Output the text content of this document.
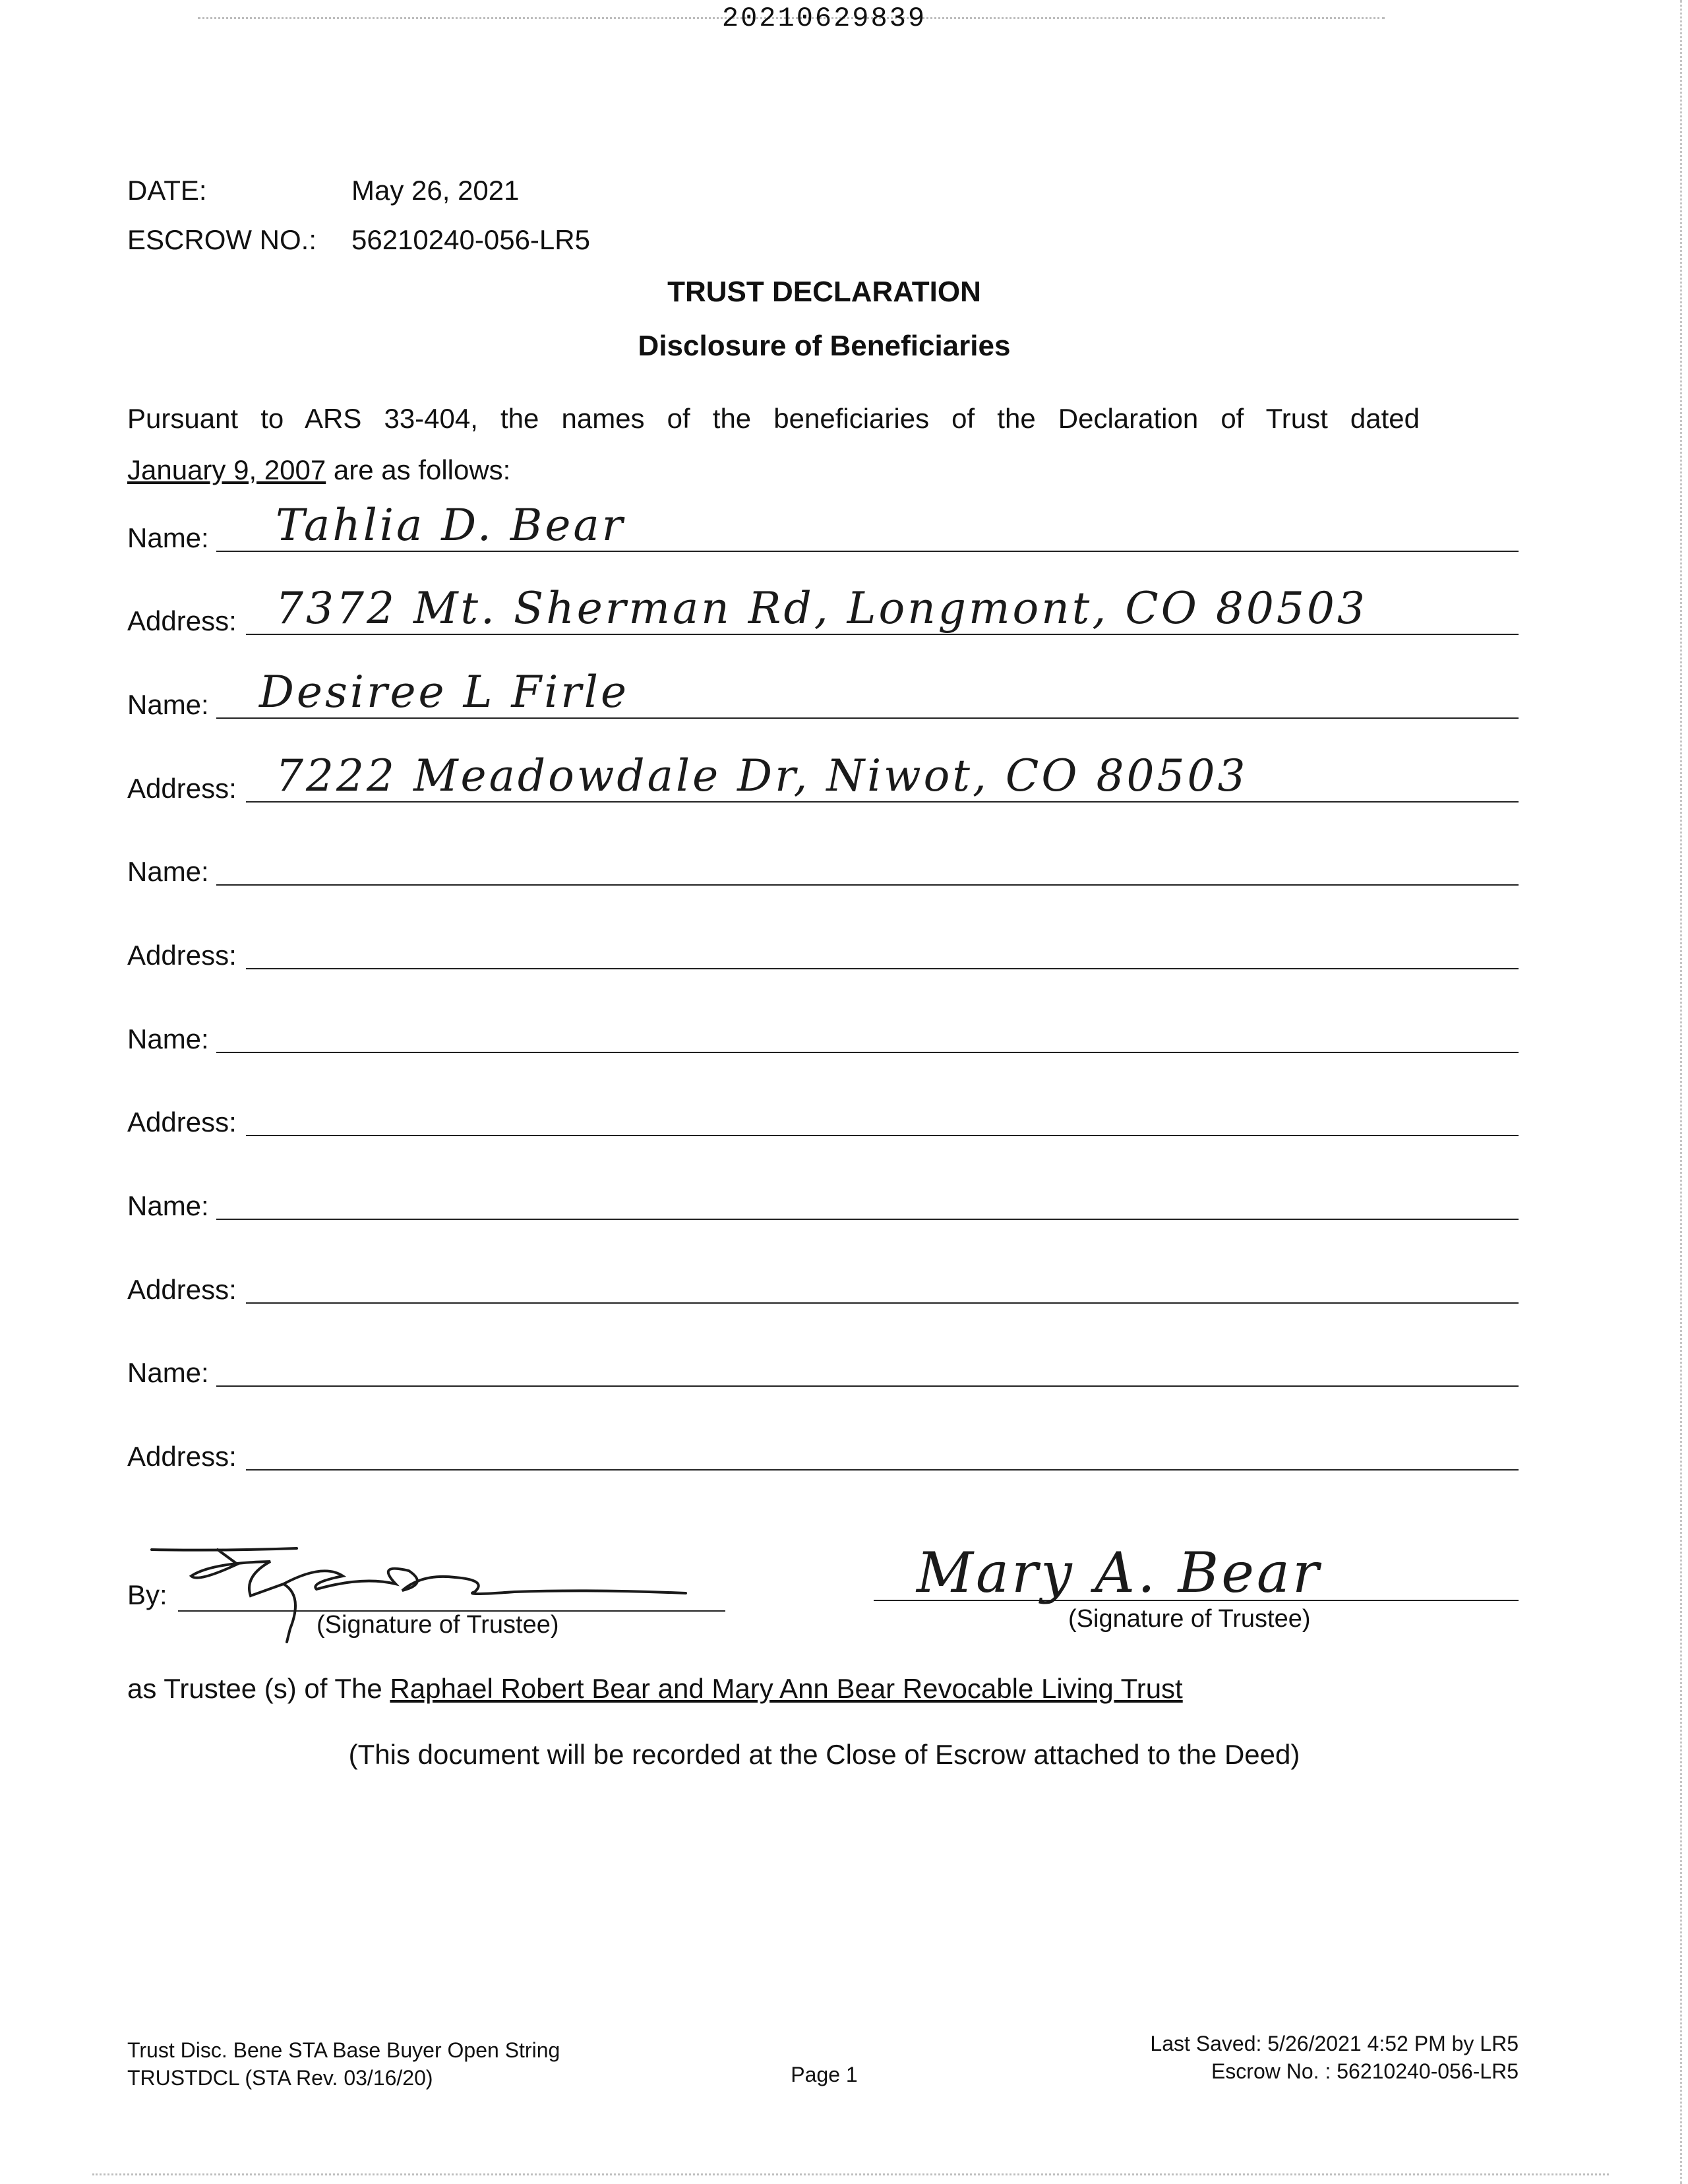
20210629839
DATE:	May 26, 2021
ESCROW NO.: 56210240-056-LR5
TRUST DECLARATION
Disclosure of Beneficiaries
Pursuant to ARS 33-404, the names of the beneficiaries of the Declaration of Trust dated
January 9, 2007 are as follows:
Name: Tahlia D. Bear
Address: 7372 Mt. Sherman Rd, Longmont, CO 80503
Name: Desiree L Firle
Address: 7222 Meadowdale Dr, Niwot, CO 80503
Name:
Address:
Name:
Address:
Name:
Address:
Name:
Address:
By:
(Signature of Trustee)
Mary A. Bear
(Signature of Trustee)
as Trustee (s) of The Raphael Robert Bear and Mary Ann Bear Revocable Living Trust
(This document will be recorded at the Close of Escrow attached to the Deed)
Trust Disc. Bene STA Base Buyer Open String
TRUSTDCL (STA Rev. 03/16/20)	Page 1
Last Saved: 5/26/2021 4:52 PM by LR5
Escrow No. : 56210240-056-LR5
